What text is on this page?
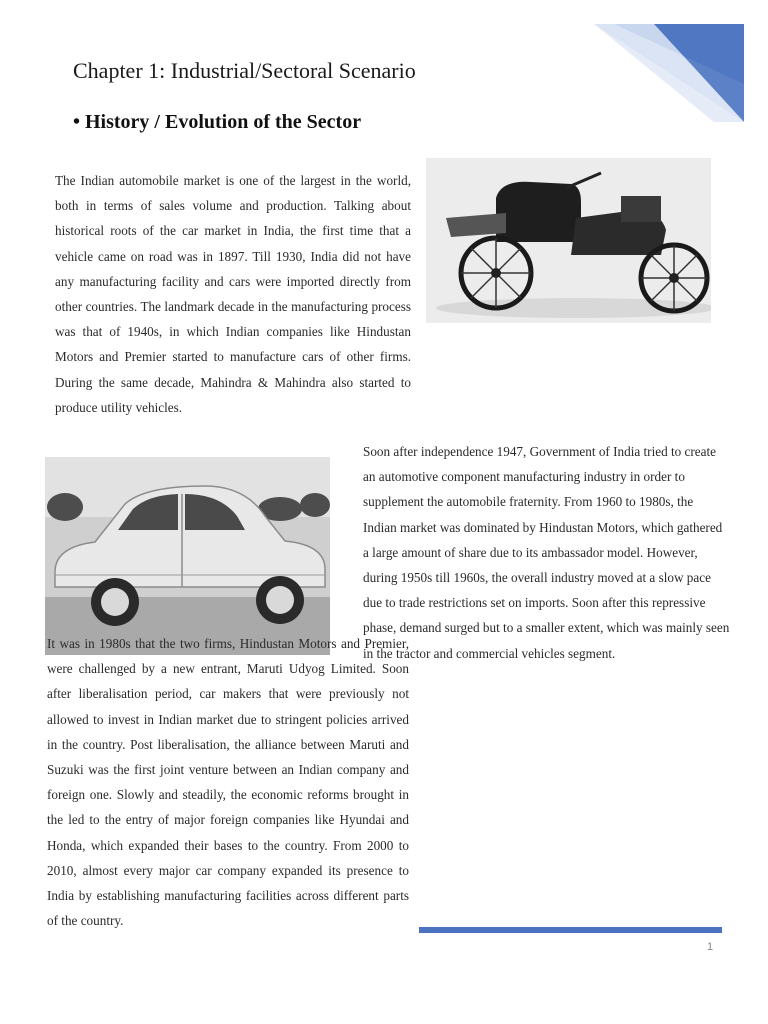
Chapter 1: Industrial/Sectoral Scenario
• History / Evolution of the Sector

The Indian automobile market is one of the largest in the world, both in terms of sales volume and production. Talking about historical roots of the car market in India, the first time that a vehicle came on road was in 1897. Till 1930, India did not have any manufacturing facility and cars were imported directly from other countries. The landmark decade in the manufacturing process was that of 1940s, in which Indian companies like Hindustan Motors and Premier started to manufacture cars of other firms. During the same decade, Mahindra & Mahindra also started to produce utility vehicles.

Soon after independence 1947, Government of India tried to create an automotive component manufacturing industry in order to supplement the automobile fraternity. From 1960 to 1980s, the Indian market was dominated by Hindustan Motors, which gathered a large amount of share due to its ambassador model. However, during 1950s till 1960s, the overall industry moved at a slow pace due to trade restrictions set on imports. Soon after this repressive phase, demand surged but to a smaller extent, which was mainly seen in the tractor and commercial vehicles segment.

It was in 1980s that the two firms, Hindustan Motors and Premier, were challenged by a new entrant, Maruti Udyog Limited. Soon after liberalisation period, car makers that were previously not allowed to invest in Indian market due to stringent policies arrived in the country. Post liberalisation, the alliance between Maruti and Suzuki was the first joint venture between an Indian company and foreign one. Slowly and steadily, the economic reforms brought in the led to the entry of major foreign companies like Hyundai and Honda, which expanded their bases to the country. From 2000 to 2010, almost every major car company expanded its presence to India by establishing manufacturing facilities across different parts of the country.

1
